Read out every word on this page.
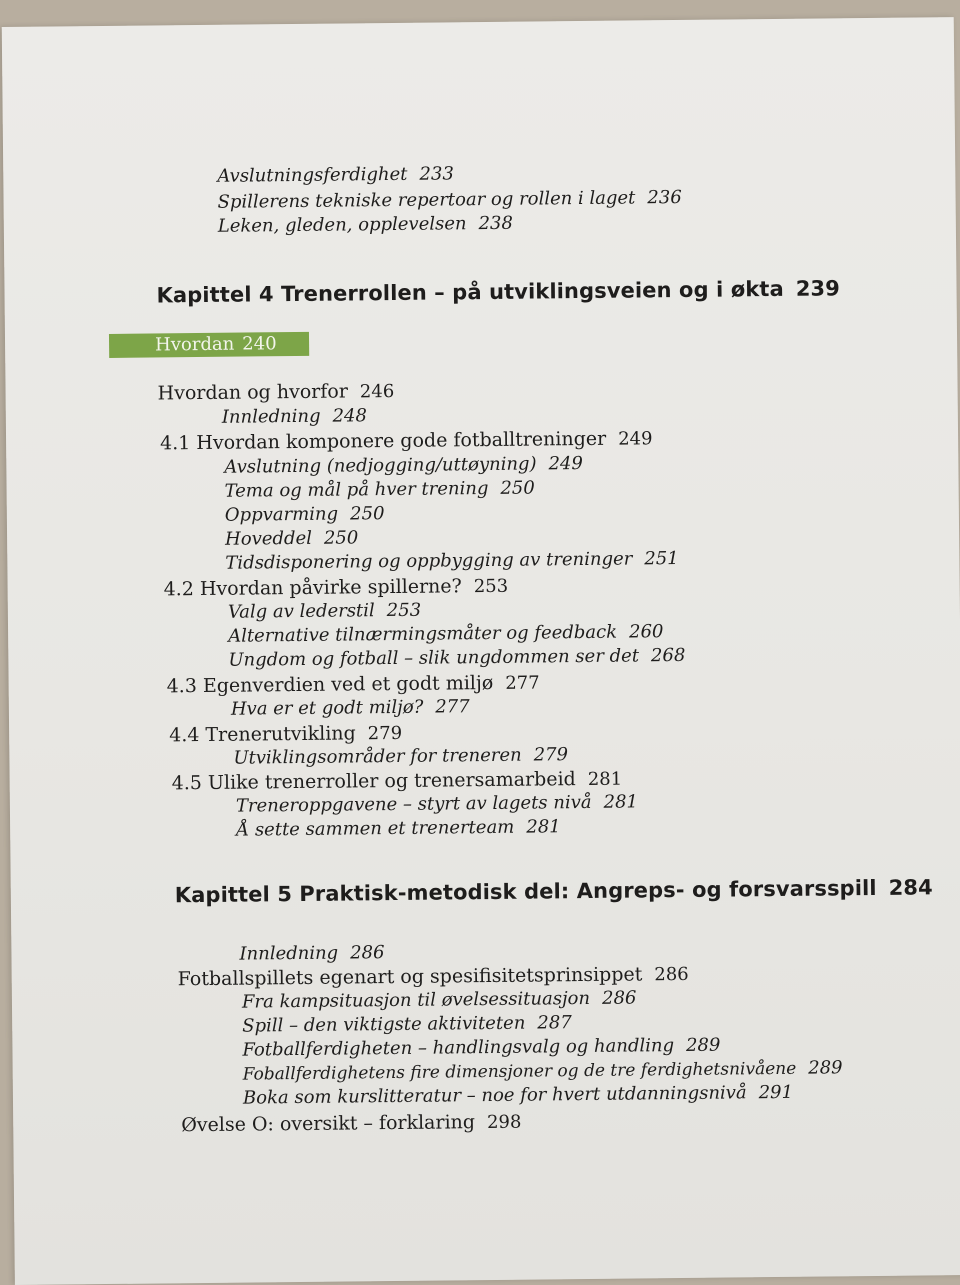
Avslutningsferdighet 233
Spillerens tekniske repertoar og rollen i laget 236
Leken, gleden, opplevelsen 238
Kapittel 4 Trenerrollen – på utviklingsveien og i økta 239
Hvordan 240
Hvordan og hvorfor 246
Innledning 248
4.1 Hvordan komponere gode fotballtreninger 249
Avslutning (nedjogging/uttøyning) 249
Tema og mål på hver trening 250
Oppvarming 250
Hoveddel 250
Tidsdisponering og oppbygging av treninger 251
4.2 Hvordan påvirke spillerne? 253
Valg av lederstil 253
Alternative tilnærmingsmåter og feedback 260
Ungdom og fotball – slik ungdommen ser det 268
4.3 Egenverdien ved et godt miljø 277
Hva er et godt miljø? 277
4.4 Trenerutvikling 279
Utviklingsområder for treneren 279
4.5 Ulike trenerroller og trenersamarbeid 281
Treneroppgavene – styrt av lagets nivå 281
Å sette sammen et trenerteam 281
Kapittel 5 Praktisk-metodisk del: Angreps- og forsvarsspill 284
Innledning 286
Fotballspillets egenart og spesifisitetsprinsippet 286
Fra kampsituasjon til øvelsessituasjon 286
Spill – den viktigste aktiviteten 287
Fotballferdigheten – handlingsvalg og handling 289
Foballferdighetens fire dimensjoner og de tre ferdighetsnivåene 289
Boka som kurslitteratur – noe for hvert utdanningsnivå 291
Øvelse O: oversikt – forklaring 298
